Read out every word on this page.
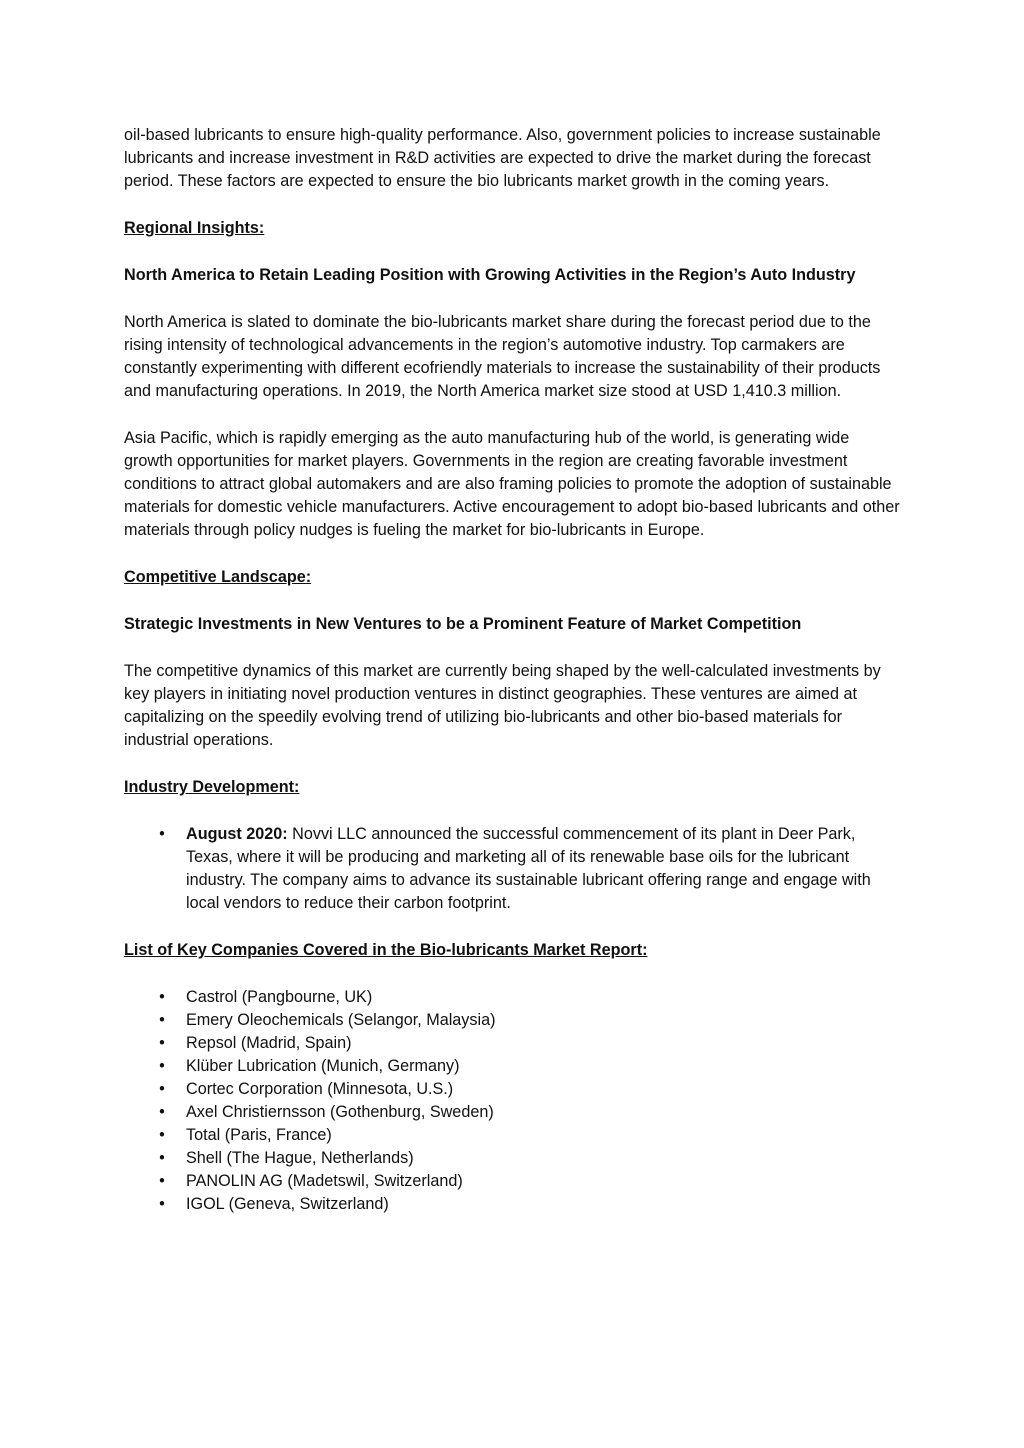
oil-based lubricants to ensure high-quality performance. Also, government policies to increase sustainable lubricants and increase investment in R&D activities are expected to drive the market during the forecast period. These factors are expected to ensure the bio lubricants market growth in the coming years.

Regional Insights:

North America to Retain Leading Position with Growing Activities in the Region’s Auto Industry

North America is slated to dominate the bio-lubricants market share during the forecast period due to the rising intensity of technological advancements in the region’s automotive industry. Top carmakers are constantly experimenting with different ecofriendly materials to increase the sustainability of their products and manufacturing operations. In 2019, the North America market size stood at USD 1,410.3 million.

Asia Pacific, which is rapidly emerging as the auto manufacturing hub of the world, is generating wide growth opportunities for market players. Governments in the region are creating favorable investment conditions to attract global automakers and are also framing policies to promote the adoption of sustainable materials for domestic vehicle manufacturers. Active encouragement to adopt bio-based lubricants and other materials through policy nudges is fueling the market for bio-lubricants in Europe.

Competitive Landscape:

Strategic Investments in New Ventures to be a Prominent Feature of Market Competition

The competitive dynamics of this market are currently being shaped by the well-calculated investments by key players in initiating novel production ventures in distinct geographies. These ventures are aimed at capitalizing on the speedily evolving trend of utilizing bio-lubricants and other bio-based materials for industrial operations.

Industry Development:

• August 2020: Novvi LLC announced the successful commencement of its plant in Deer Park, Texas, where it will be producing and marketing all of its renewable base oils for the lubricant industry. The company aims to advance its sustainable lubricant offering range and engage with local vendors to reduce their carbon footprint.

List of Key Companies Covered in the Bio-lubricants Market Report:

• Castrol (Pangbourne, UK)
• Emery Oleochemicals (Selangor, Malaysia)
• Repsol (Madrid, Spain)
• Klüber Lubrication (Munich, Germany)
• Cortec Corporation (Minnesota, U.S.)
• Axel Christiernsson (Gothenburg, Sweden)
• Total (Paris, France)
• Shell (The Hague, Netherlands)
• PANOLIN AG (Madetswil, Switzerland)
• IGOL (Geneva, Switzerland)
